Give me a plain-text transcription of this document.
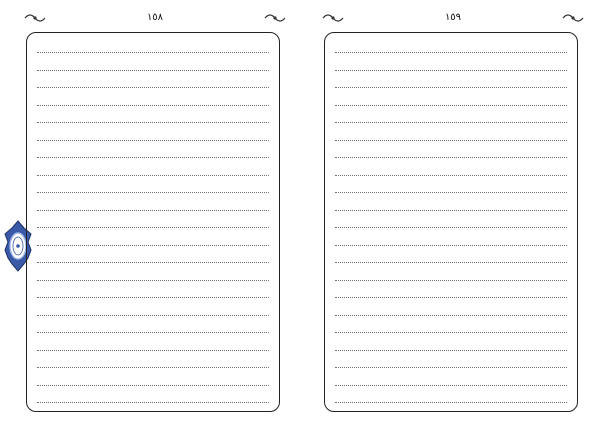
١٥٨	١٥٩
